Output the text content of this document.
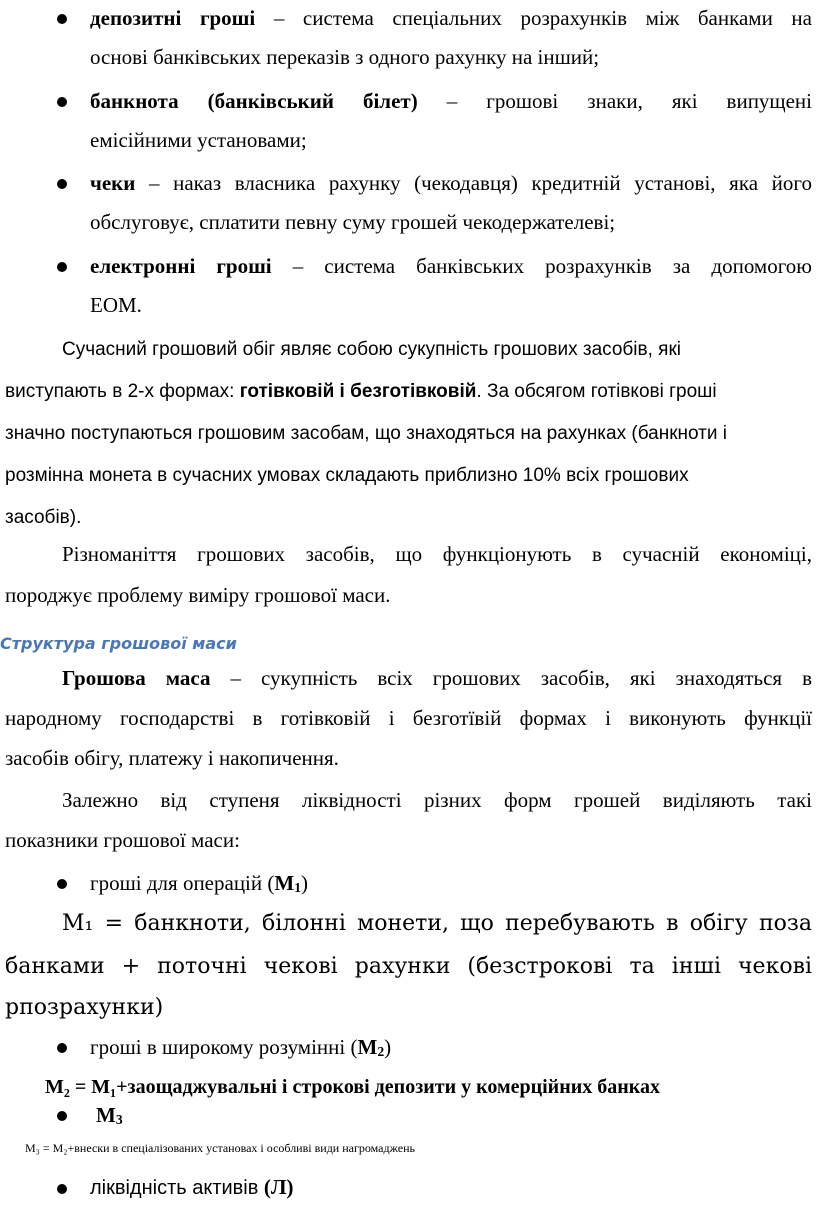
депозитні гроші – система спеціальних розрахунків між банками на
основі банківських переказів з одного рахунку на інший;
банкнота (банківський білет) – грошові знаки, які випущені
емісійними установами;
чеки – наказ власника рахунку (чекодавця) кредитній установі, яка його
обслуговує, сплатити певну суму грошей чекодержателеві;
електронні гроші – система банківських розрахунків за допомогою
ЕОМ.
Сучасний грошовий обіг являє собою сукупність грошових засобів, які
виступають в 2-х формах: готівковій і безготівковій. За обсягом готівкові гроші
значно поступаються грошовим засобам, що знаходяться на рахунках (банкноти і
розмінна монета в сучасних умовах складають приблизно 10% всіх грошових
засобів).
Різноманіття грошових засобів, що функціонують в сучасній економіці,
породжує проблему виміру грошової маси.
Структура грошової маси
Грошова маса – сукупність всіх грошових засобів, які знаходяться в
народному господарстві в готівковій і безготївій формах і виконують функції
засобів обігу, платежу і накопичення.
Залежно від ступеня ліквідності різних форм грошей виділяють такі
показники грошової маси:
гроші для операцій $(М_1)$
М₁ = банкноти, білонні монети, що перебувають в обігу поза
банками + поточні чекові рахунки (безстрокові та інші чекові
рпозрахунки)
гроші в широкому розумінні $(М_2)$
М₂ = М₁+заощаджувальні і строкові депозити у комерційних банках
$М_3$
М₃ = М₂+внески в спеціалізованих установах і особливі види нагромаджень
ліквідність активів (Л)
